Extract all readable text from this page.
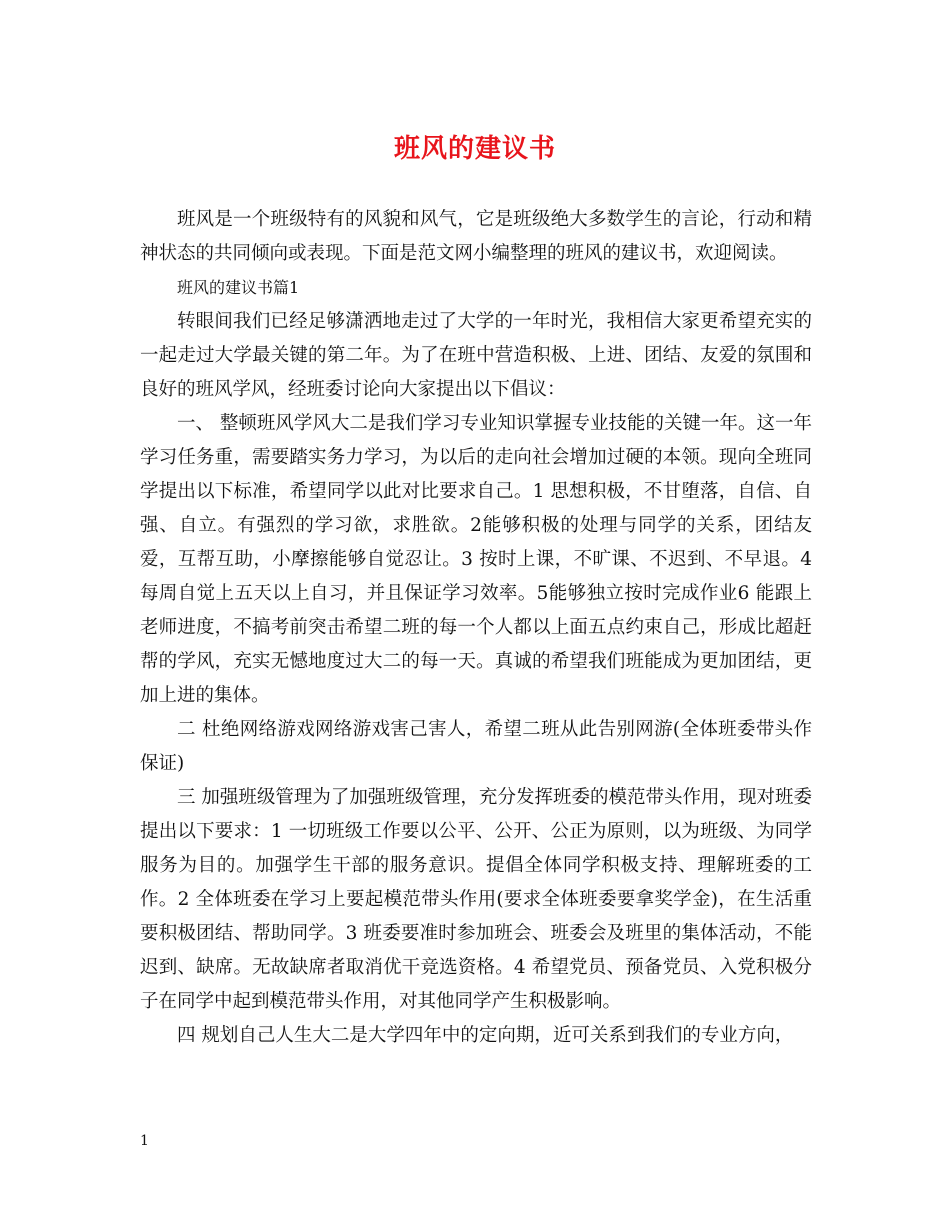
班风的建议书

班风是一个班级特有的风貌和风气，它是班级绝大多数学生的言论，行动和精神状态的共同倾向或表现。下面是范文网小编整理的班风的建议书，欢迎阅读。

班风的建议书篇1

转眼间我们已经足够潇洒地走过了大学的一年时光，我相信大家更希望充实的一起走过大学最关键的第二年。为了在班中营造积极、上进、团结、友爱的氛围和良好的班风学风，经班委讨论向大家提出以下倡议：

一、 整顿班风学风大二是我们学习专业知识掌握专业技能的关键一年。这一年学习任务重，需要踏实务力学习，为以后的走向社会增加过硬的本领。现向全班同学提出以下标准，希望同学以此对比要求自己。1 思想积极，不甘堕落，自信、自强、自立。有强烈的学习欲，求胜欲。2能够积极的处理与同学的关系，团结友爱，互帮互助，小摩擦能够自觉忍让。3 按时上课，不旷课、不迟到、不早退。4每周自觉上五天以上自习，并且保证学习效率。5能够独立按时完成作业6 能跟上老师进度，不搞考前突击希望二班的每一个人都以上面五点约束自己，形成比超赶帮的学风，充实无憾地度过大二的每一天。真诚的希望我们班能成为更加团结，更加上进的集体。

二 杜绝网络游戏网络游戏害己害人，希望二班从此告别网游(全体班委带头作保证)

三 加强班级管理为了加强班级管理，充分发挥班委的模范带头作用，现对班委提出以下要求：1 一切班级工作要以公平、公开、公正为原则，以为班级、为同学服务为目的。加强学生干部的服务意识。提倡全体同学积极支持、理解班委的工作。2 全体班委在学习上要起模范带头作用(要求全体班委要拿奖学金)，在生活重要积极团结、帮助同学。3 班委要准时参加班会、班委会及班里的集体活动，不能迟到、缺席。无故缺席者取消优干竞选资格。4 希望党员、预备党员、入党积极分子在同学中起到模范带头作用，对其他同学产生积极影响。

四 规划自己人生大二是大学四年中的定向期，近可关系到我们的专业方向，

1
